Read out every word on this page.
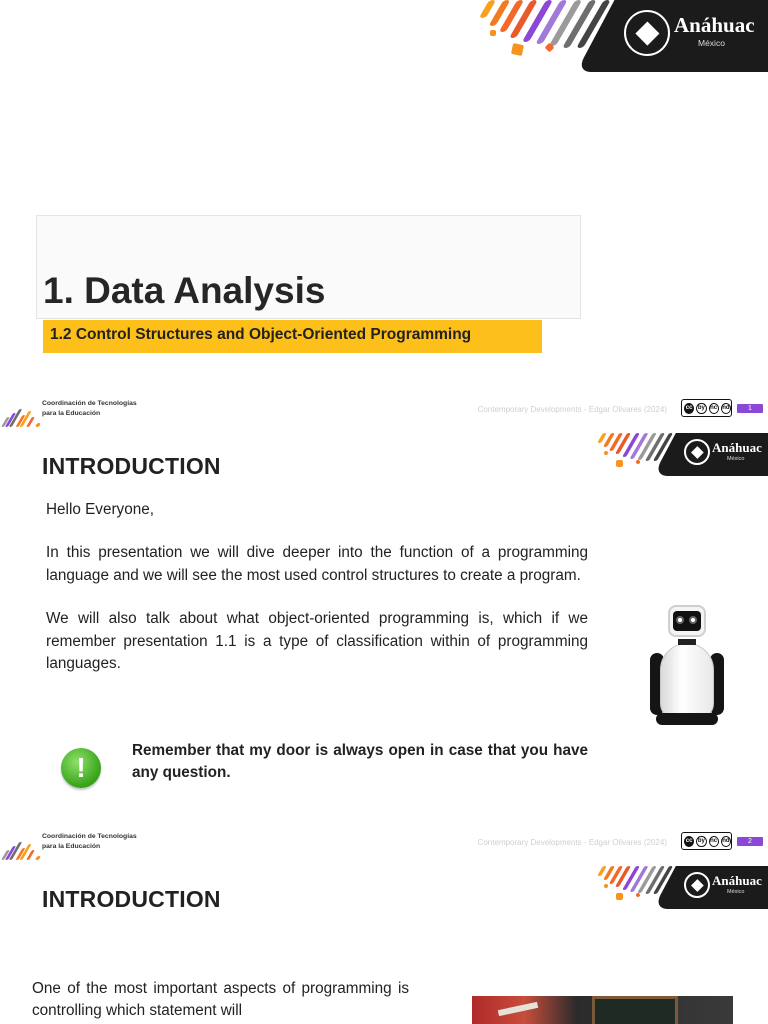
Anáhuac
México
1. Data Analysis
1.2 Control Structures and Object-Oriented Programming
Coordinación de Tecnologías
para la Educación	Contemporary Developments - Edgar Olivares (2024)	cc by nc nd	1
Anáhuac
México
INTRODUCTION

Hello Everyone,

In this presentation we will dive deeper into the function of a programming language and we will see the most used control structures to create a program.

We will also talk about what object-oriented programming is, which if we remember presentation 1.1 is a type of classification within of programming languages.

!
Remember that my door is always open in case that you have any question.
Coordinación de Tecnologías
para la Educación	Contemporary Developments - Edgar Olivares (2024)	cc by nc nd	2
Anáhuac
México
INTRODUCTION
One of the most important aspects of programming is controlling which statement will
